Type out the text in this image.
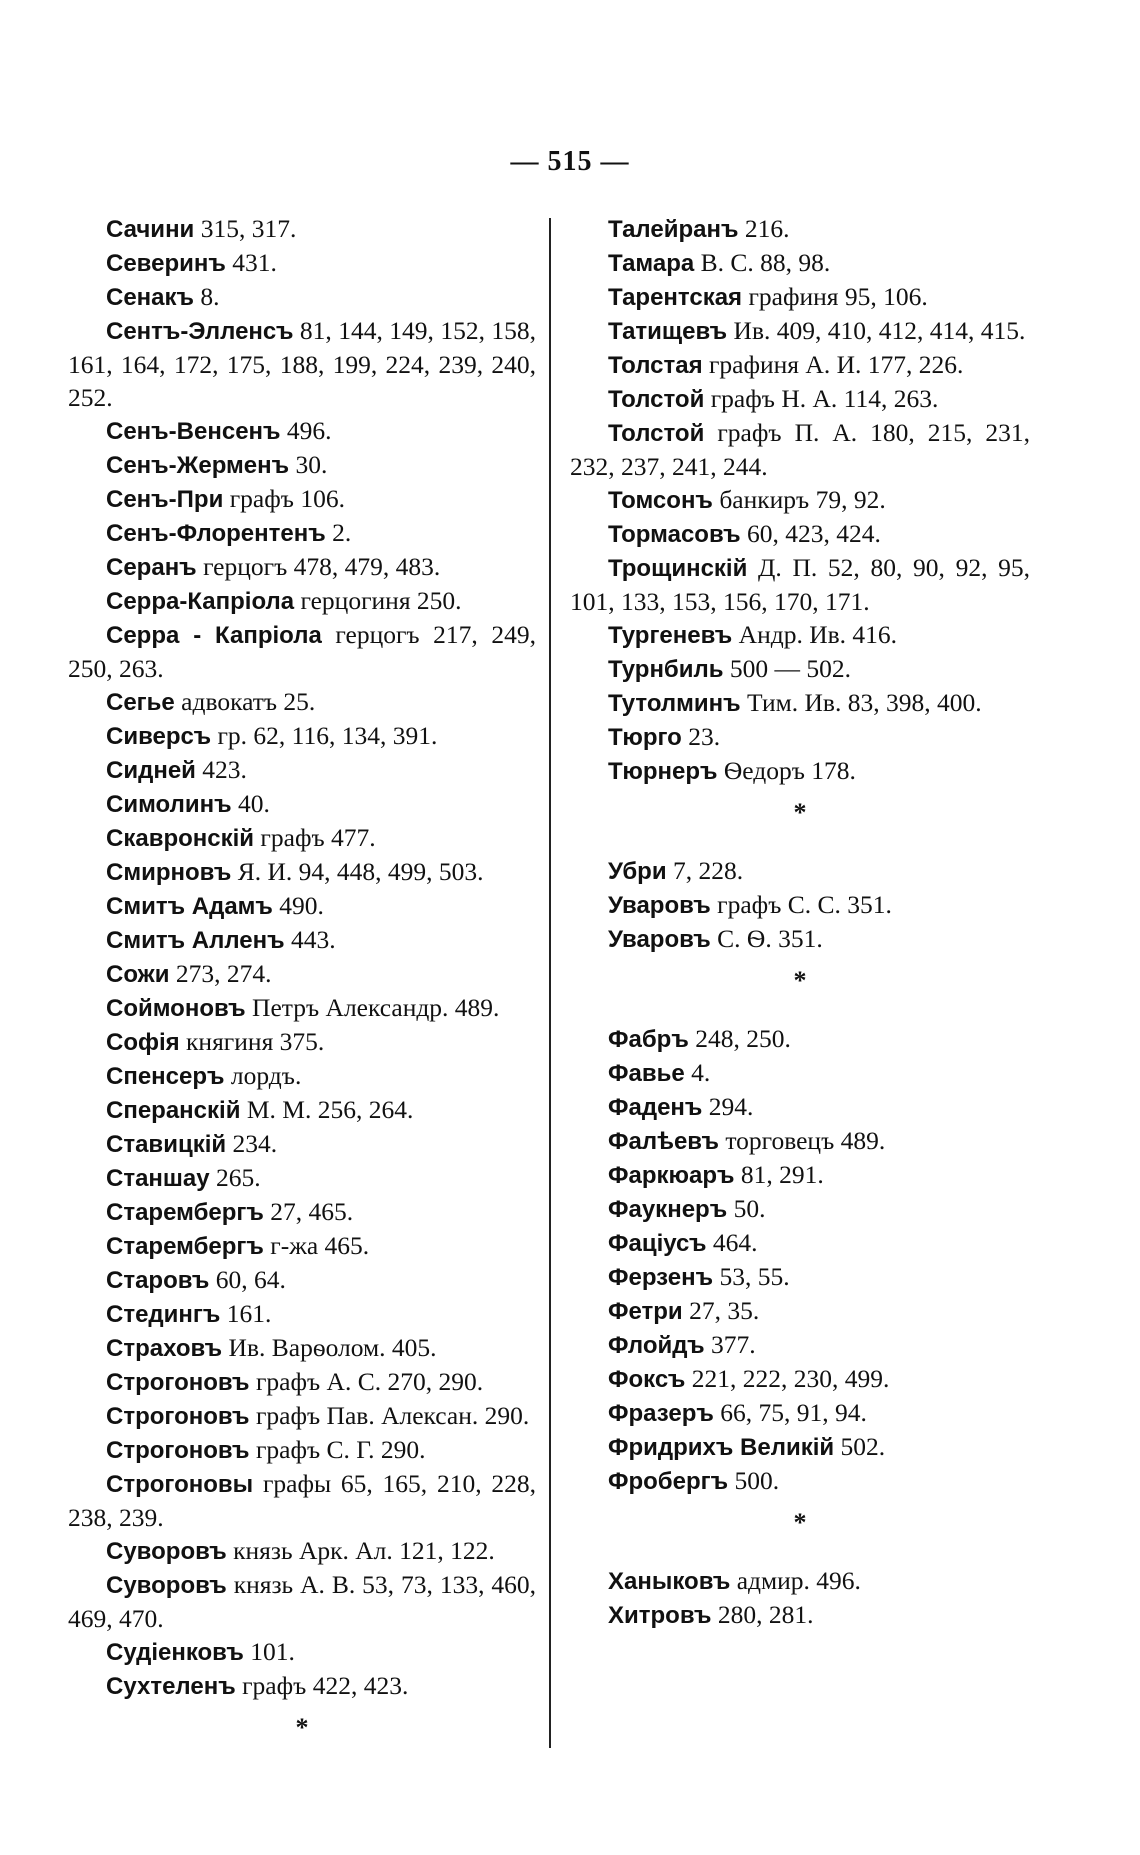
— 515 —

Сачини 315, 317.

Северинъ 431.

Сенакъ 8.

Сентъ-Элленсъ 81, 144, 149, 152, 158, 161, 164, 172, 175, 188, 199, 224, 239, 240, 252.

Сенъ-Венсенъ 496.

Сенъ-Жерменъ 30.

Сенъ-При графъ 106.

Сенъ-Флорентенъ 2.

Серанъ герцогъ 478, 479, 483.

Серра-Капріола герцогиня 250.

Серра - Капріола герцогъ 217, 249, 250, 263.

Сегье адвокатъ 25.

Сиверсъ гр. 62, 116, 134, 391.

Сидней 423.

Симолинъ 40.

Скавронскій графъ 477.

Смирновъ Я. И. 94, 448, 499, 503.

Смитъ Адамъ 490.

Смитъ Алленъ 443.

Сожи 273, 274.

Соймоновъ Петръ Александр. 489.

Софія княгиня 375.

Спенсеръ лордъ.

Сперанскій М. М. 256, 264.

Ставицкій 234.

Станшау 265.

Старембергъ 27, 465.

Старембергъ г-жа 465.

Старовъ 60, 64.

Стедингъ 161.

Страховъ Ив. Варѳолом. 405.

Строгоновъ графъ А. С. 270, 290.

Строгоновъ графъ Пав. Алексан. 290.

Строгоновъ графъ С. Г. 290.

Строгоновы графы 65, 165, 210, 228, 238, 239.

Суворовъ князь Арк. Ал. 121, 122.

Суворовъ князь А. В. 53, 73, 133, 460, 469, 470.

Судіенковъ 101.

Сухтеленъ графъ 422, 423.

*

Талейранъ 216.

Тамара В. С. 88, 98.

Тарентская графиня 95, 106.

Татищевъ Ив. 409, 410, 412, 414, 415.

Толстая графиня А. И. 177, 226.

Толстой графъ Н. А. 114, 263.

Толстой графъ П. А. 180, 215, 231, 232, 237, 241, 244.

Томсонъ банкиръ 79, 92.

Тормасовъ 60, 423, 424.

Трощинскій Д. П. 52, 80, 90, 92, 95, 101, 133, 153, 156, 170, 171.

Тургеневъ Андр. Ив. 416.

Турнбиль 500 — 502.

Тутолминъ Тим. Ив. 83, 398, 400.

Тюрго 23.

Тюрнеръ Ѳедоръ 178.

*

Убри 7, 228.

Уваровъ графъ С. С. 351.

Уваровъ С. Ѳ. 351.

*

Фабръ 248, 250.

Фавье 4.

Фаденъ 294.

Фалѣевъ торговецъ 489.

Фаркюаръ 81, 291.

Фаукнеръ 50.

Фаціусъ 464.

Ферзенъ 53, 55.

Фетри 27, 35.

Флойдъ 377.

Фоксъ 221, 222, 230, 499.

Фразеръ 66, 75, 91, 94.

Фридрихъ Великій 502.

Фробергъ 500.

*

Ханыковъ адмир. 496.

Хитровъ 280, 281.
